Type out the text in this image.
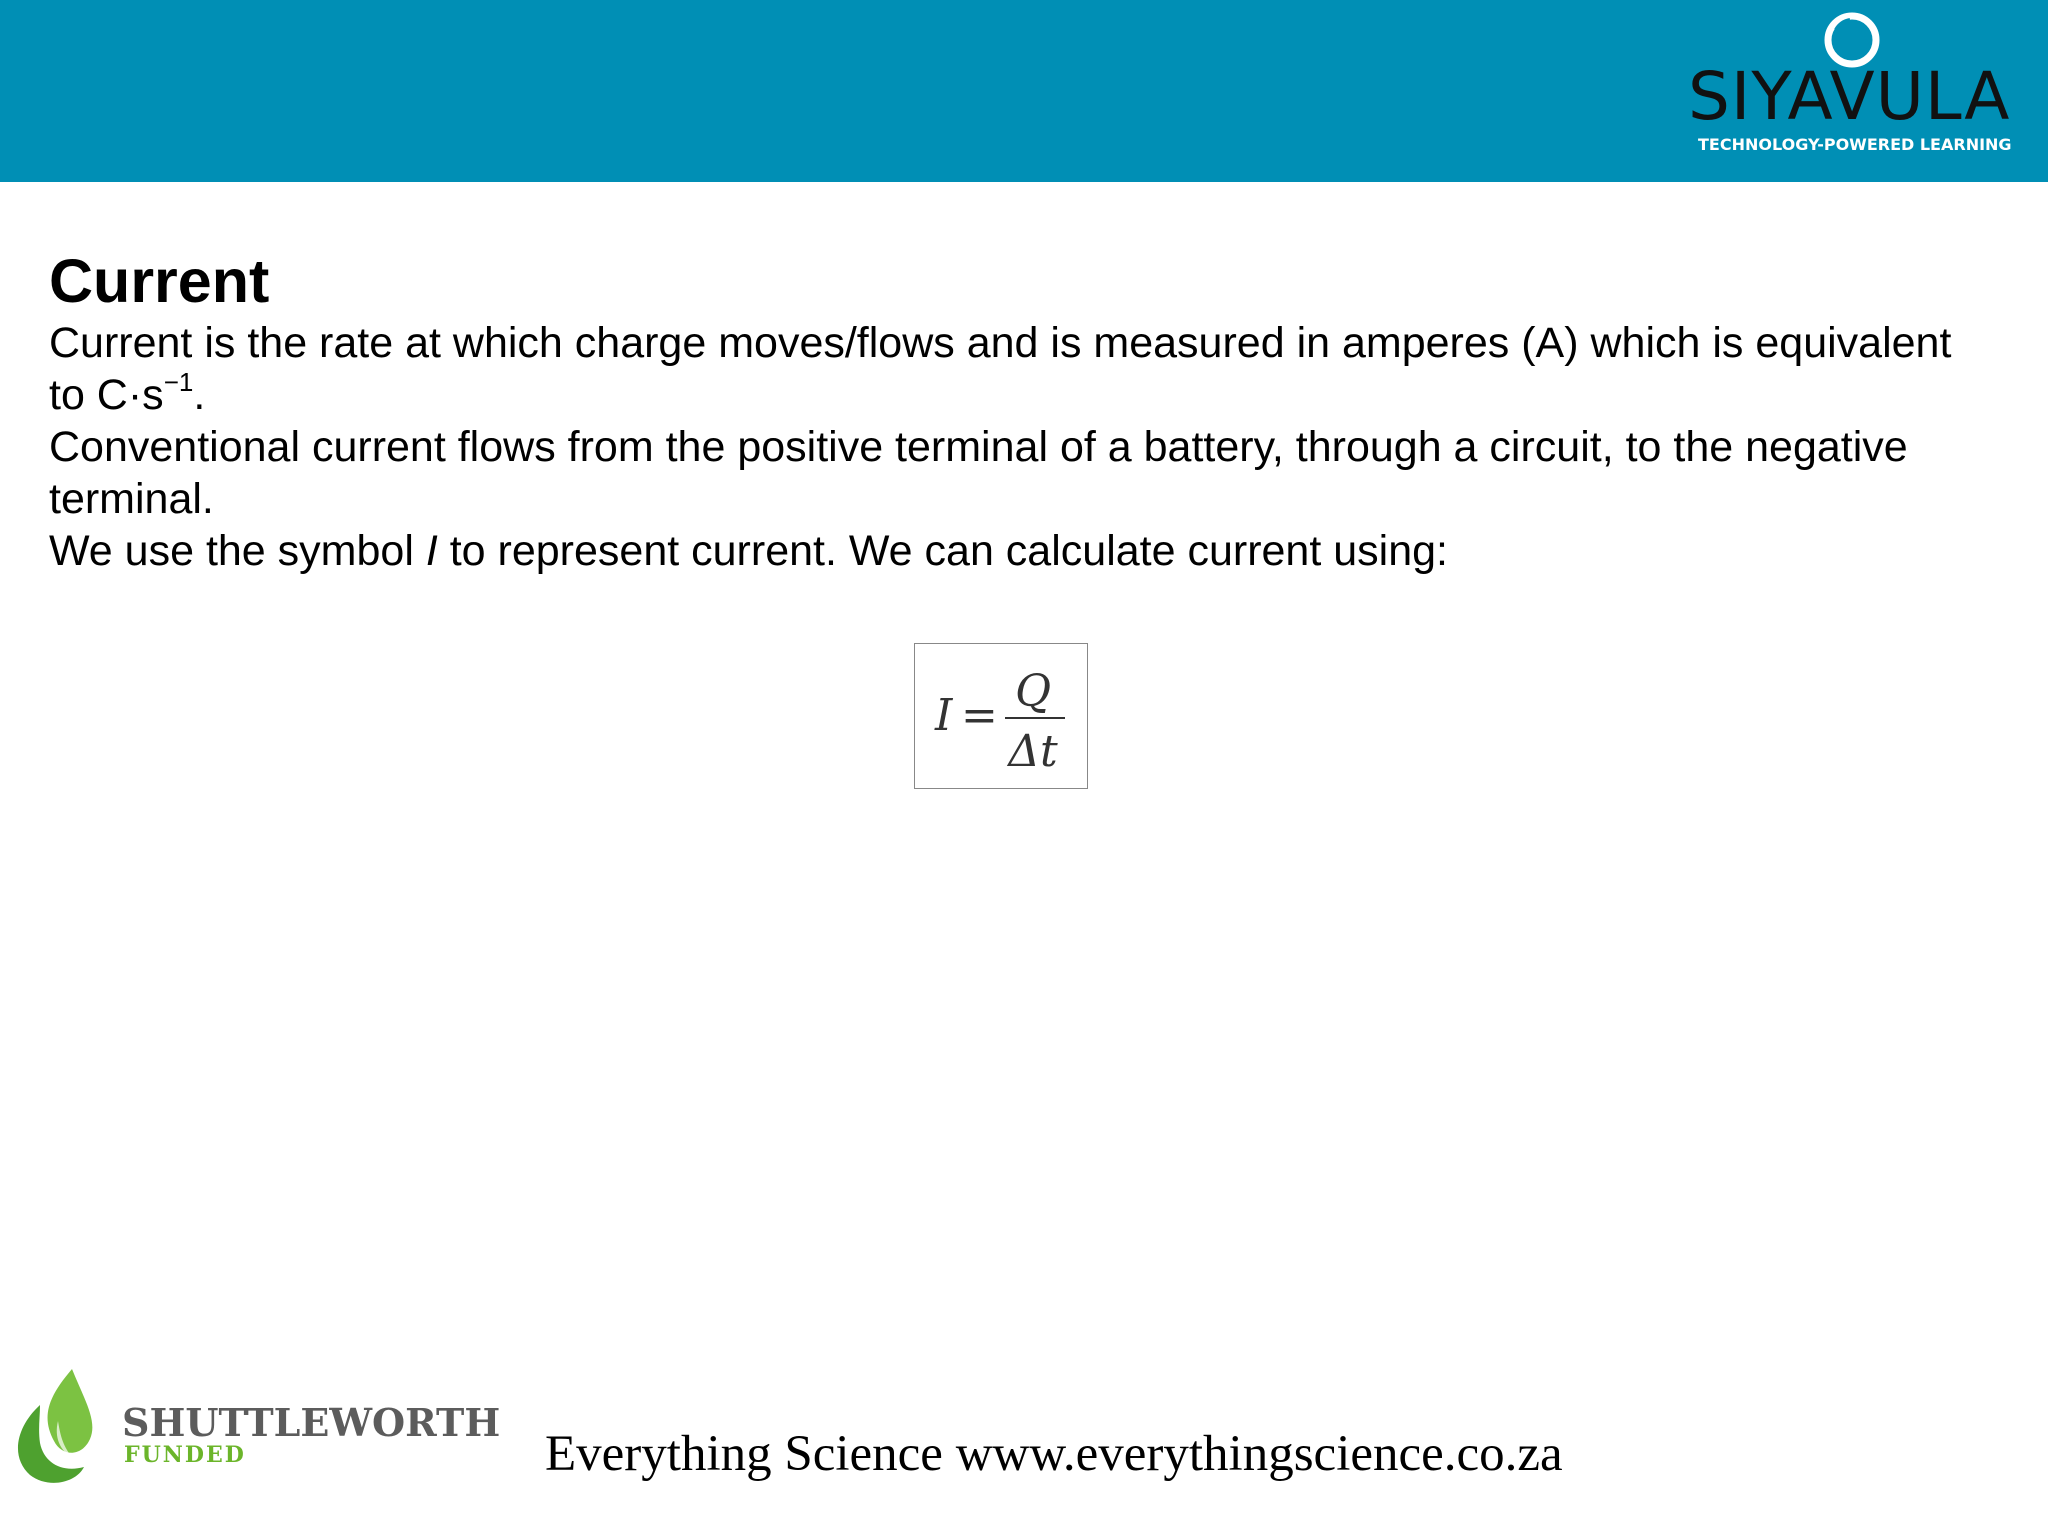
SIYAVULA
TECHNOLOGY-POWERED LEARNING
Current

Current is the rate at which charge moves/flows and is measured in amperes (A) which is equivalent to $C\cdot s^{-1}$.

Conventional current flows from the positive terminal of a battery, through a circuit, to the negative terminal.

We use the symbol I to represent current. We can calculate current using:

I = Q
Δt
SHUTTLEWORTH
FUNDED	Everything Science www.everythingscience.co.za
